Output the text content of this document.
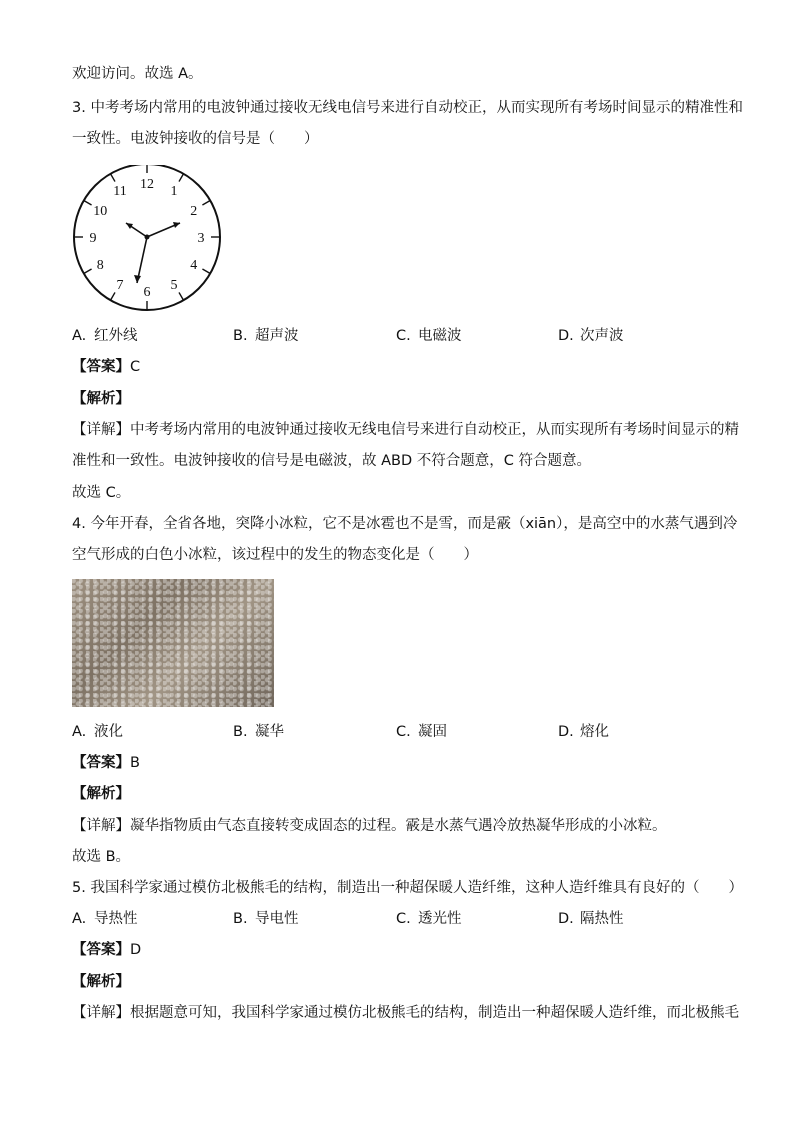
欢迎访问。故选 A。
3. 中考考场内常用的电波钟通过接收无线电信号来进行自动校正，从而实现所有考场时间显示的精准性和
一致性。电波钟接收的信号是（　　）
12 1
2
3
4
5
6
7
8
9
10
11
A. 红外线	B. 超声波	C. 电磁波	D. 次声波
【答案】C
【解析】
【详解】中考考场内常用的电波钟通过接收无线电信号来进行自动校正，从而实现所有考场时间显示的精
准性和一致性。电波钟接收的信号是电磁波，故 ABD 不符合题意，C 符合题意。
故选 C。
4. 今年开春，全省各地，突降小冰粒，它不是冰雹也不是雪，而是霰（xiān），是高空中的水蒸气遇到冷
空气形成的白色小冰粒，该过程中的发生的物态变化是（　　）
A. 液化	B. 凝华	C. 凝固	D. 熔化
【答案】B
【解析】
【详解】凝华指物质由气态直接转变成固态的过程。霰是水蒸气遇冷放热凝华形成的小冰粒。
故选 B。
5. 我国科学家通过模仿北极熊毛的结构，制造出一种超保暖人造纤维，这种人造纤维具有良好的（　　）
A. 导热性	B. 导电性	C. 透光性	D. 隔热性
【答案】D
【解析】
【详解】根据题意可知，我国科学家通过模仿北极熊毛的结构，制造出一种超保暖人造纤维，而北极熊毛
